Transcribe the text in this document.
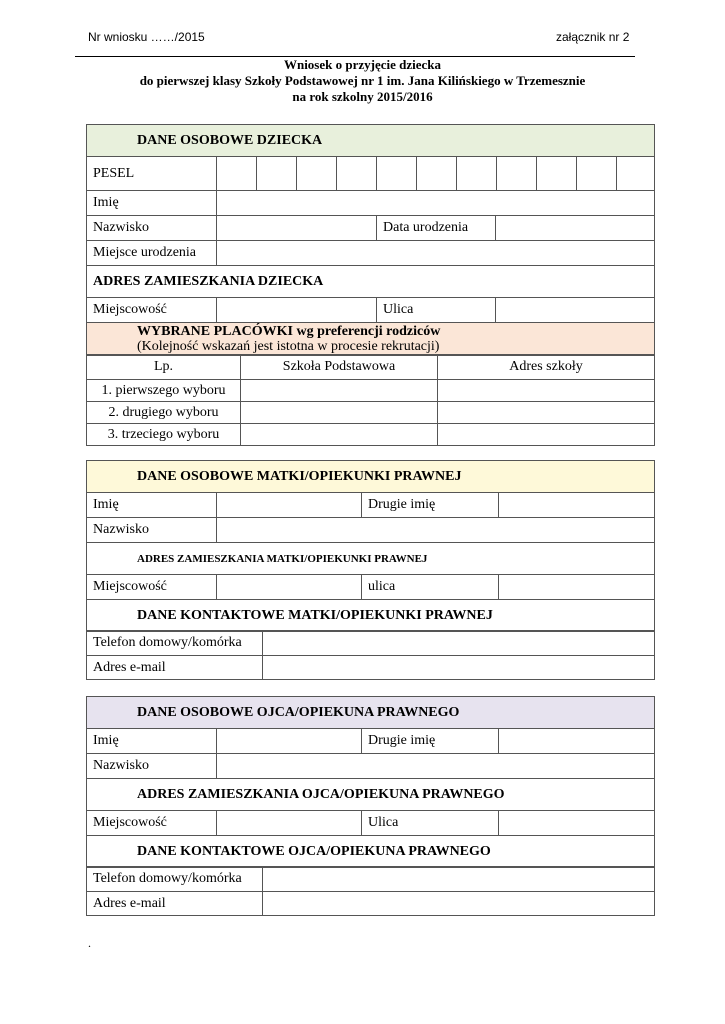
Nr wniosku ……/2015	załącznik nr 2
Wniosek o przyjęcie dziecka
do pierwszej klasy Szkoły Podstawowej nr 1 im. Jana Kilińskiego w Trzemesznie
na rok szkolny 2015/2016
DANE OSOBOWE DZIECKA
PESEL											
Imię			
Nazwisko		Data urodzenia	
Miejsce urodzenia			
ADRES ZAMIESZKANIA DZIECKA			
Miejscowość		Ulica	

WYBRANE PLACÓWKI wg preferencji rodziców
(Kolejność wskazań jest istotna w procesie rekrutacji)			
Lp.	Szkoła Podstawowa	Adres szkoły
1. pierwszego wyboru		
2. drugiego wyboru		
3. trzeciego wyboru		
DANE OSOBOWE MATKI/OPIEKUNKI PRAWNEJ			
Imię		Drugie imię	
Nazwisko			
ADRES ZAMIESZKANIA MATKI/OPIEKUNKI PRAWNEJ			
Miejscowość		ulica	
DANE KONTAKTOWE MATKI/OPIEKUNKI PRAWNEJ			
Telefon domowy/komórka	
Adres e-mail	
DANE OSOBOWE OJCA/OPIEKUNA PRAWNEGO			
Imię		Drugie imię	
Nazwisko			
ADRES ZAMIESZKANIA OJCA/OPIEKUNA PRAWNEGO			
Miejscowość		Ulica	
DANE KONTAKTOWE OJCA/OPIEKUNA PRAWNEGO			
Telefon domowy/komórka	
Adres e-mail	
.
